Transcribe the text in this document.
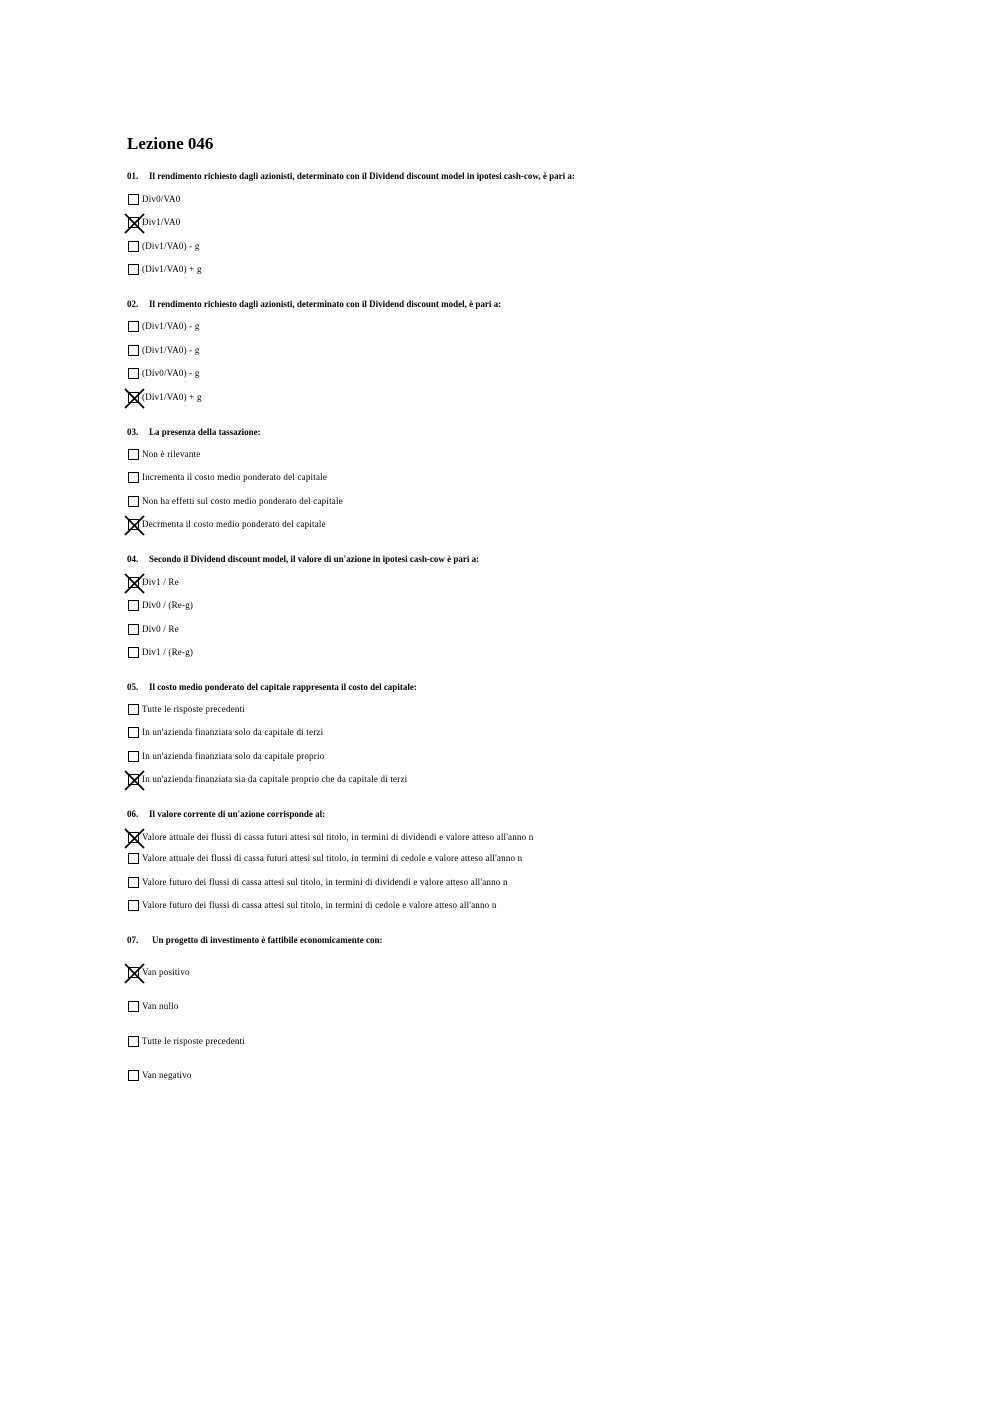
Lezione 046
01. Il rendimento richiesto dagli azionisti, determinato con il Dividend discount model in ipotesi cash-cow, è pari a:
Div0/VA0
Div1/VA0
(Div1/VA0) - g
(Div1/VA0) + g
02. Il rendimento richiesto dagli azionisti, determinato con il Dividend discount model, è pari a:
(Div1/VA0) - g
(Div1/VA0) - g
(Div0/VA0) - g
(Div1/VA0) + g
03. La presenza della tassazione:
Non è rilevante
Incrementa il costo medio ponderato del capitale
Non ha effetti sul costo medio ponderato del capitale
Decrmenta il costo medio ponderato del capitale
04. Secondo il Dividend discount model, il valore di un'azione in ipotesi cash-cow è pari a:
Div1 / Re
Div0 / (Re-g)
Div0 / Re
Div1 / (Re-g)
05. Il costo medio ponderato del capitale rappresenta il costo del capitale:
Tutte le risposte precedenti
In un'azienda finanziata solo da capitale di terzi
In un'azienda finanziata solo da capitale proprio
In un'azienda finanziata sia da capitale proprio che da capitale di terzi
06. Il valore corrente di un'azione corrisponde al:
Valore attuale dei flussi di cassa futuri attesi sul titolo, in termini di dividendi e valore atteso all'anno n
Valore attuale dei flussi di cassa futuri attesi sul titolo, in termini di cedole e valore atteso all'anno n
Valore futuro dei flussi di cassa attesi sul titolo, in termini di dividendi e valore atteso all'anno n
Valore futuro dei flussi di cassa attesi sul titolo, in termini di cedole e valore atteso all'anno n
07. Un progetto di investimento è fattibile economicamente con:
Van positivo
Van nullo
Tutte le risposte precedenti
Van negativo
